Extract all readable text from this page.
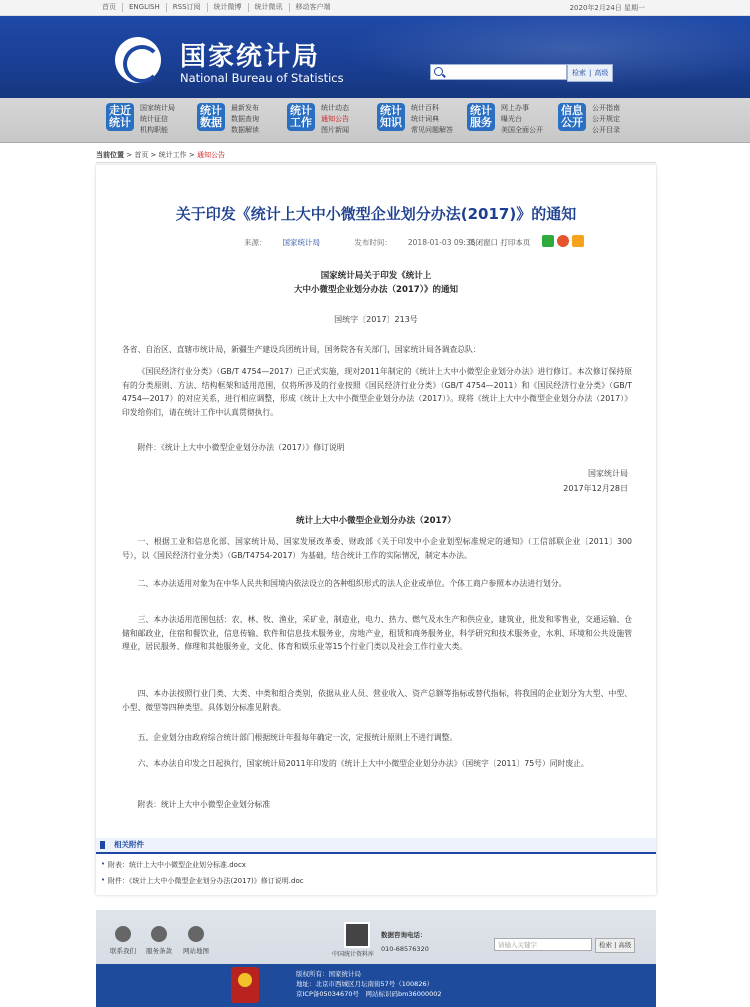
首页	ENGLISH	RSS订阅	统计微博	统计微讯	移动客户端	2020年2月24日 星期一
国家统计局
National Bureau of Statistics	检索 | 高级
走近统计
国家统计局
统计征信
机构职能
统计数据
最新发布
数据查询
数据解读
统计工作
统计动态
通知公告
图片新闻
统计知识
统计百科
统计词典
常见问题解答
统计服务
网上办事
曝光台
美国全面公开
信息公开
公开指南
公开规定
公开目录
当前位置 > 首页 > 统计工作 > 通知公告
关于印发《统计上大中小微型企业划分办法(2017)》的通知
来源： 国家统计局	发布时间： 2018-01-03 09:35
关闭窗口 打印本页
国家统计局关于印发《统计上
大中小微型企业划分办法（2017）》的通知
国统字〔2017〕213号
各省、自治区、直辖市统计局，新疆生产建设兵团统计局，国务院各有关部门，国家统计局各调查总队：
《国民经济行业分类》（GB/T 4754—2017）已正式实施，现对2011年制定的《统计上大中小微型企业划分办法》进行修订。本次修订保持原有的分类原则、方法、结构框架和适用范围，仅将所涉及的行业按照《国民经济行业分类》（GB/T 4754—2011）和《国民经济行业分类》（GB/T 4754—2017）的对应关系，进行相应调整，形成《统计上大中小微型企业划分办法（2017）》。现将《统计上大中小微型企业划分办法（2017）》印发给你们，请在统计工作中认真贯彻执行。
附件：《统计上大中小微型企业划分办法（2017）》修订说明
国家统计局
2017年12月28日
统计上大中小微型企业划分办法（2017）
一、根据工业和信息化部、国家统计局、国家发展改革委、财政部《关于印发中小企业划型标准规定的通知》（工信部联企业〔2011〕300号），以《国民经济行业分类》（GB/T4754-2017）为基础，结合统计工作的实际情况，制定本办法。
二、本办法适用对象为在中华人民共和国境内依法设立的各种组织形式的法人企业或单位。个体工商户参照本办法进行划分。
三、本办法适用范围包括：农、林、牧、渔业，采矿业，制造业，电力、热力、燃气及水生产和供应业，建筑业，批发和零售业，交通运输、仓储和邮政业，住宿和餐饮业，信息传输、软件和信息技术服务业，房地产业，租赁和商务服务业，科学研究和技术服务业，水利、环境和公共设施管理业，居民服务、修理和其他服务业，文化、体育和娱乐业等15个行业门类以及社会工作行业大类。
四、本办法按照行业门类、大类、中类和组合类别，依据从业人员、营业收入、资产总额等指标或替代指标，将我国的企业划分为大型、中型、小型、微型等四种类型。具体划分标准见附表。
五、企业划分由政府综合统计部门根据统计年报每年确定一次，定报统计原则上不进行调整。
六、本办法自印发之日起执行，国家统计局2011年印发的《统计上大中小微型企业划分办法》（国统字〔2011〕75号）同时废止。
附表：统计上大中小微型企业划分标准
相关附件
• 附表：统计上大中小微型企业划分标准.docx
• 附件：《统计上大中小微型企业划分办法(2017)》修订说明.doc
联系我们 服务条款 网站地图	中国统计资料库
数据咨询电话：
010-68576320	请输入关键字	检索 | 高级
版权所有：国家统计局
地址：北京市西城区月坛南街57号（100826）
京ICP备05034670号　网站标识码bm36000002
